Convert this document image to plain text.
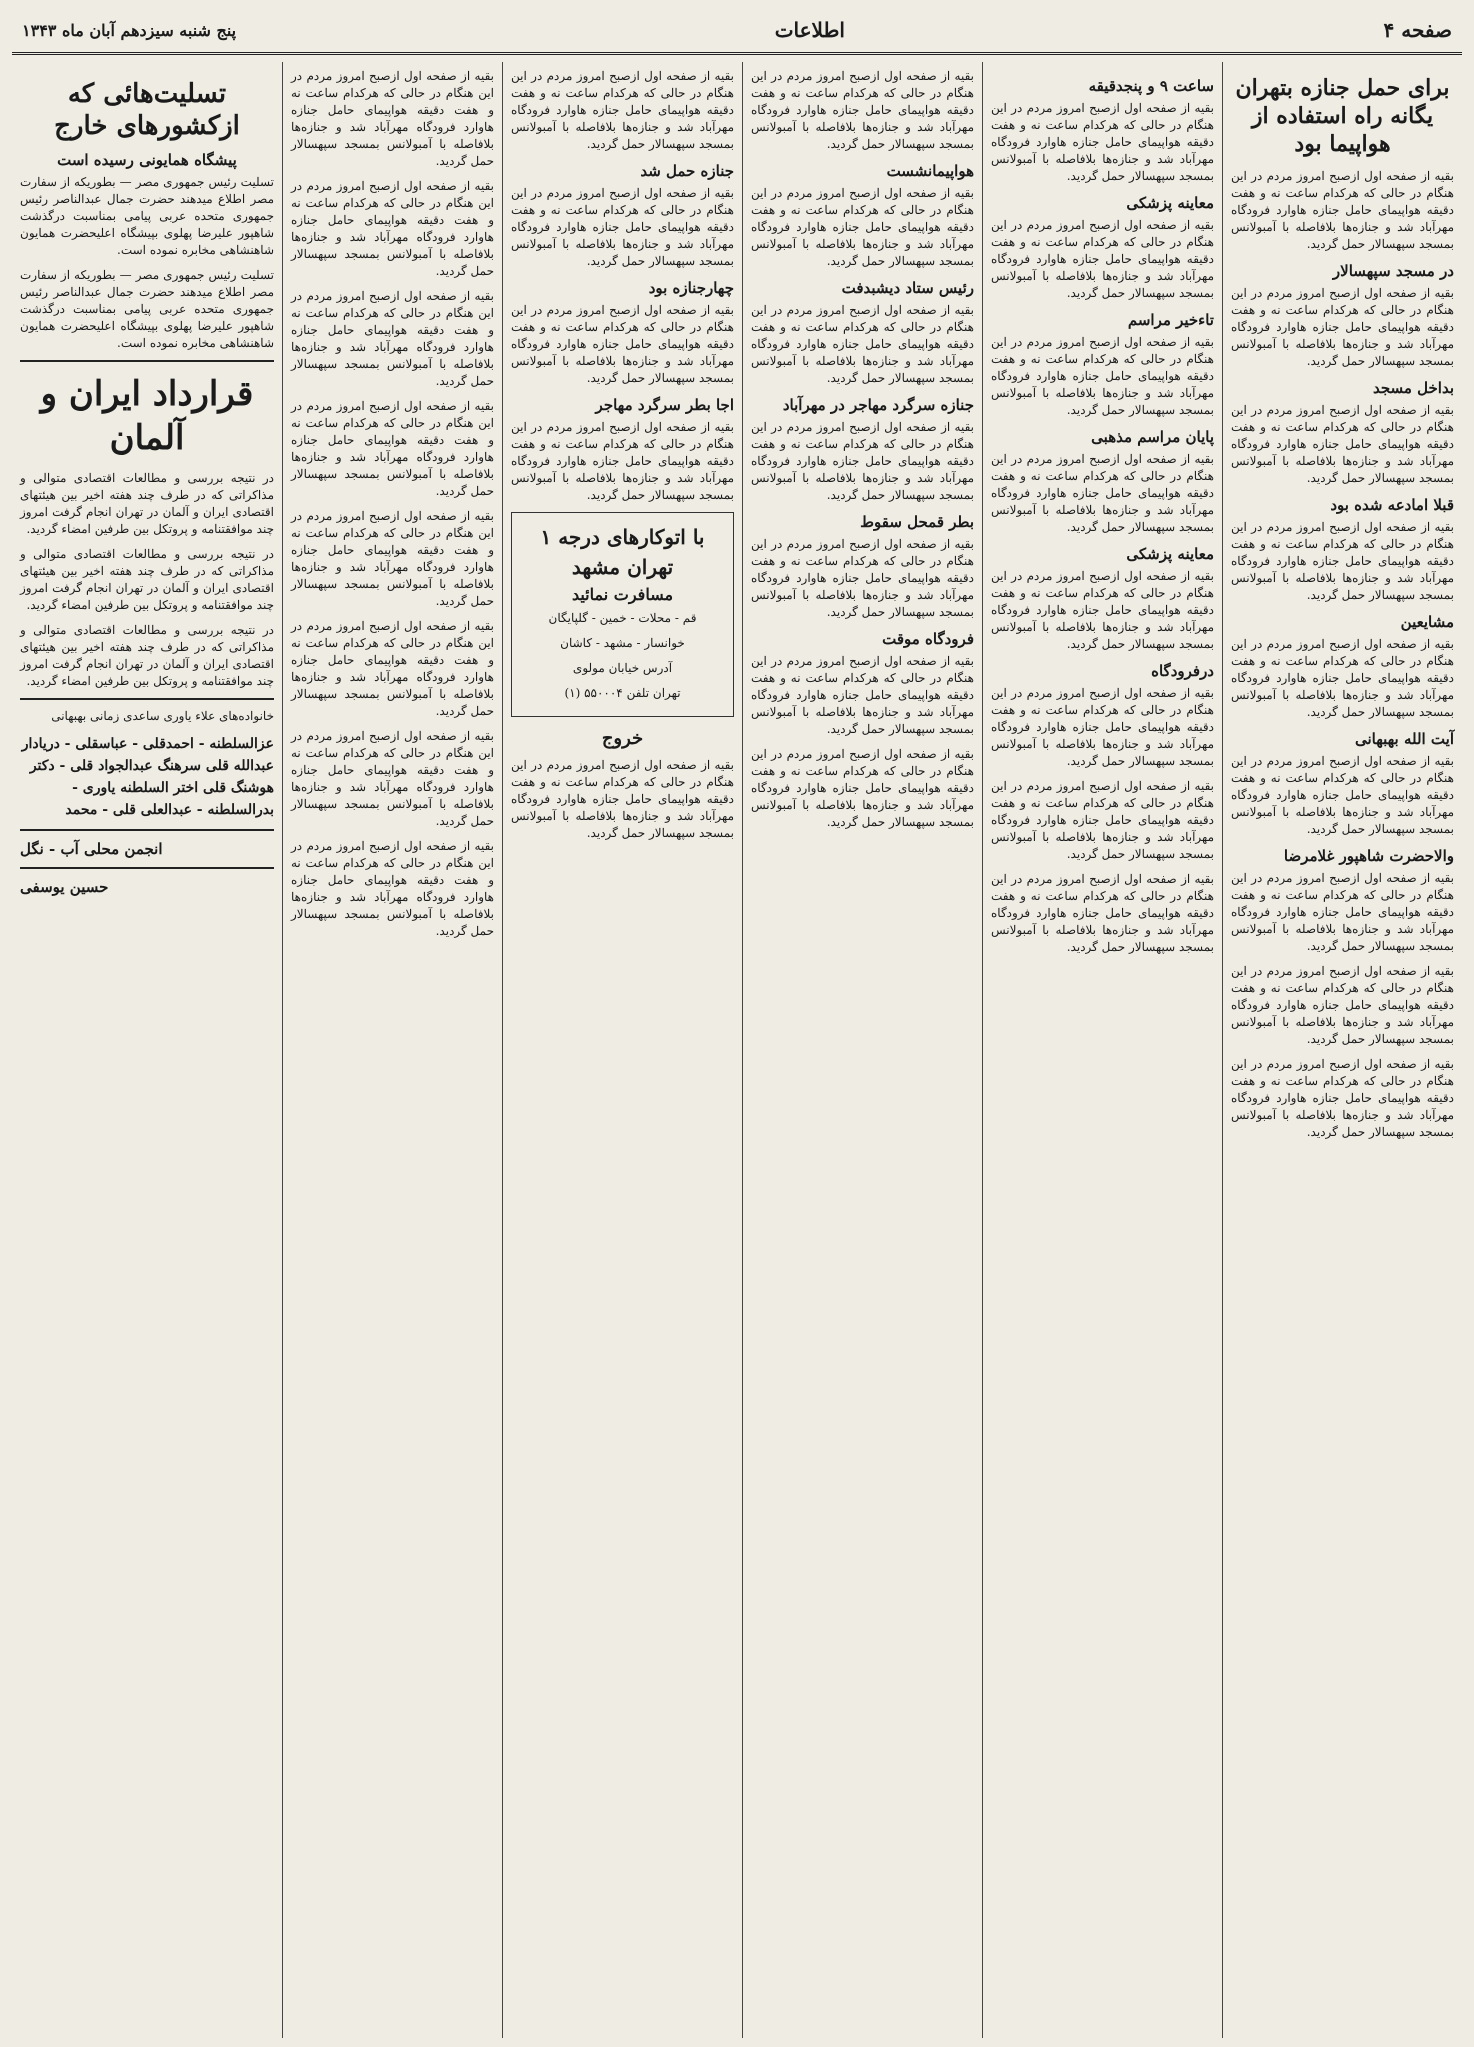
صفحه ۴
اطلاعات
پنج شنبه سیزدهم آبان ماه ۱۳۴۳
برای حمل جنازه بتهران یگانه راه استفاده از هواپیما بود

بقیه از صفحه اول ازصبح امروز مردم در این هنگام در حالی که هرکدام ساعت نه و هفت دقیقه هواپیمای حامل جنازه هاوارد فرودگاه مهرآباد شد و جنازه‌ها بلافاصله با آمبولانس بمسجد سپهسالار حمل گردید.

در مسجد سپهسالار

بقیه از صفحه اول ازصبح امروز مردم در این هنگام در حالی که هرکدام ساعت نه و هفت دقیقه هواپیمای حامل جنازه هاوارد فرودگاه مهرآباد شد و جنازه‌ها بلافاصله با آمبولانس بمسجد سپهسالار حمل گردید.

بداخل مسجد

بقیه از صفحه اول ازصبح امروز مردم در این هنگام در حالی که هرکدام ساعت نه و هفت دقیقه هواپیمای حامل جنازه هاوارد فرودگاه مهرآباد شد و جنازه‌ها بلافاصله با آمبولانس بمسجد سپهسالار حمل گردید.

قبلا امادعه شده بود

بقیه از صفحه اول ازصبح امروز مردم در این هنگام در حالی که هرکدام ساعت نه و هفت دقیقه هواپیمای حامل جنازه هاوارد فرودگاه مهرآباد شد و جنازه‌ها بلافاصله با آمبولانس بمسجد سپهسالار حمل گردید.

مشایعین

بقیه از صفحه اول ازصبح امروز مردم در این هنگام در حالی که هرکدام ساعت نه و هفت دقیقه هواپیمای حامل جنازه هاوارد فرودگاه مهرآباد شد و جنازه‌ها بلافاصله با آمبولانس بمسجد سپهسالار حمل گردید.

آیت الله بهبهانی

بقیه از صفحه اول ازصبح امروز مردم در این هنگام در حالی که هرکدام ساعت نه و هفت دقیقه هواپیمای حامل جنازه هاوارد فرودگاه مهرآباد شد و جنازه‌ها بلافاصله با آمبولانس بمسجد سپهسالار حمل گردید.

والاحضرت شاهپور غلامرضا

بقیه از صفحه اول ازصبح امروز مردم در این هنگام در حالی که هرکدام ساعت نه و هفت دقیقه هواپیمای حامل جنازه هاوارد فرودگاه مهرآباد شد و جنازه‌ها بلافاصله با آمبولانس بمسجد سپهسالار حمل گردید.

بقیه از صفحه اول ازصبح امروز مردم در این هنگام در حالی که هرکدام ساعت نه و هفت دقیقه هواپیمای حامل جنازه هاوارد فرودگاه مهرآباد شد و جنازه‌ها بلافاصله با آمبولانس بمسجد سپهسالار حمل گردید.

بقیه از صفحه اول ازصبح امروز مردم در این هنگام در حالی که هرکدام ساعت نه و هفت دقیقه هواپیمای حامل جنازه هاوارد فرودگاه مهرآباد شد و جنازه‌ها بلافاصله با آمبولانس بمسجد سپهسالار حمل گردید.

ساعت ۹ و پنجدقیقه

بقیه از صفحه اول ازصبح امروز مردم در این هنگام در حالی که هرکدام ساعت نه و هفت دقیقه هواپیمای حامل جنازه هاوارد فرودگاه مهرآباد شد و جنازه‌ها بلافاصله با آمبولانس بمسجد سپهسالار حمل گردید.

معاینه پزشکی

بقیه از صفحه اول ازصبح امروز مردم در این هنگام در حالی که هرکدام ساعت نه و هفت دقیقه هواپیمای حامل جنازه هاوارد فرودگاه مهرآباد شد و جنازه‌ها بلافاصله با آمبولانس بمسجد سپهسالار حمل گردید.

تاءخیر مراسم

بقیه از صفحه اول ازصبح امروز مردم در این هنگام در حالی که هرکدام ساعت نه و هفت دقیقه هواپیمای حامل جنازه هاوارد فرودگاه مهرآباد شد و جنازه‌ها بلافاصله با آمبولانس بمسجد سپهسالار حمل گردید.

پایان مراسم مذهبی

بقیه از صفحه اول ازصبح امروز مردم در این هنگام در حالی که هرکدام ساعت نه و هفت دقیقه هواپیمای حامل جنازه هاوارد فرودگاه مهرآباد شد و جنازه‌ها بلافاصله با آمبولانس بمسجد سپهسالار حمل گردید.

معاینه پزشکی

بقیه از صفحه اول ازصبح امروز مردم در این هنگام در حالی که هرکدام ساعت نه و هفت دقیقه هواپیمای حامل جنازه هاوارد فرودگاه مهرآباد شد و جنازه‌ها بلافاصله با آمبولانس بمسجد سپهسالار حمل گردید.

درفرودگاه

بقیه از صفحه اول ازصبح امروز مردم در این هنگام در حالی که هرکدام ساعت نه و هفت دقیقه هواپیمای حامل جنازه هاوارد فرودگاه مهرآباد شد و جنازه‌ها بلافاصله با آمبولانس بمسجد سپهسالار حمل گردید.

بقیه از صفحه اول ازصبح امروز مردم در این هنگام در حالی که هرکدام ساعت نه و هفت دقیقه هواپیمای حامل جنازه هاوارد فرودگاه مهرآباد شد و جنازه‌ها بلافاصله با آمبولانس بمسجد سپهسالار حمل گردید.

بقیه از صفحه اول ازصبح امروز مردم در این هنگام در حالی که هرکدام ساعت نه و هفت دقیقه هواپیمای حامل جنازه هاوارد فرودگاه مهرآباد شد و جنازه‌ها بلافاصله با آمبولانس بمسجد سپهسالار حمل گردید.

بقیه از صفحه اول ازصبح امروز مردم در این هنگام در حالی که هرکدام ساعت نه و هفت دقیقه هواپیمای حامل جنازه هاوارد فرودگاه مهرآباد شد و جنازه‌ها بلافاصله با آمبولانس بمسجد سپهسالار حمل گردید.

هواپیمانشست

بقیه از صفحه اول ازصبح امروز مردم در این هنگام در حالی که هرکدام ساعت نه و هفت دقیقه هواپیمای حامل جنازه هاوارد فرودگاه مهرآباد شد و جنازه‌ها بلافاصله با آمبولانس بمسجد سپهسالار حمل گردید.

رئیس ستاد دیشبدفت

بقیه از صفحه اول ازصبح امروز مردم در این هنگام در حالی که هرکدام ساعت نه و هفت دقیقه هواپیمای حامل جنازه هاوارد فرودگاه مهرآباد شد و جنازه‌ها بلافاصله با آمبولانس بمسجد سپهسالار حمل گردید.

جنازه سرگرد مهاجر در مهرآباد

بقیه از صفحه اول ازصبح امروز مردم در این هنگام در حالی که هرکدام ساعت نه و هفت دقیقه هواپیمای حامل جنازه هاوارد فرودگاه مهرآباد شد و جنازه‌ها بلافاصله با آمبولانس بمسجد سپهسالار حمل گردید.

بطر قمحل سقوط

بقیه از صفحه اول ازصبح امروز مردم در این هنگام در حالی که هرکدام ساعت نه و هفت دقیقه هواپیمای حامل جنازه هاوارد فرودگاه مهرآباد شد و جنازه‌ها بلافاصله با آمبولانس بمسجد سپهسالار حمل گردید.

فرودگاه موقت

بقیه از صفحه اول ازصبح امروز مردم در این هنگام در حالی که هرکدام ساعت نه و هفت دقیقه هواپیمای حامل جنازه هاوارد فرودگاه مهرآباد شد و جنازه‌ها بلافاصله با آمبولانس بمسجد سپهسالار حمل گردید.

بقیه از صفحه اول ازصبح امروز مردم در این هنگام در حالی که هرکدام ساعت نه و هفت دقیقه هواپیمای حامل جنازه هاوارد فرودگاه مهرآباد شد و جنازه‌ها بلافاصله با آمبولانس بمسجد سپهسالار حمل گردید.

بقیه از صفحه اول ازصبح امروز مردم در این هنگام در حالی که هرکدام ساعت نه و هفت دقیقه هواپیمای حامل جنازه هاوارد فرودگاه مهرآباد شد و جنازه‌ها بلافاصله با آمبولانس بمسجد سپهسالار حمل گردید.

جنازه حمل شد

بقیه از صفحه اول ازصبح امروز مردم در این هنگام در حالی که هرکدام ساعت نه و هفت دقیقه هواپیمای حامل جنازه هاوارد فرودگاه مهرآباد شد و جنازه‌ها بلافاصله با آمبولانس بمسجد سپهسالار حمل گردید.

چهارجنازه بود

بقیه از صفحه اول ازصبح امروز مردم در این هنگام در حالی که هرکدام ساعت نه و هفت دقیقه هواپیمای حامل جنازه هاوارد فرودگاه مهرآباد شد و جنازه‌ها بلافاصله با آمبولانس بمسجد سپهسالار حمل گردید.

اجا بطر سرگرد مهاجر

بقیه از صفحه اول ازصبح امروز مردم در این هنگام در حالی که هرکدام ساعت نه و هفت دقیقه هواپیمای حامل جنازه هاوارد فرودگاه مهرآباد شد و جنازه‌ها بلافاصله با آمبولانس بمسجد سپهسالار حمل گردید.

با اتوکارهای درجه ۱
تهران مشهد
مسافرت نمائید

قم - محلات - خمین - گلپایگان

خوانسار - مشهد - کاشان

آدرس خیابان مولوی

تهران تلفن ۵۵۰۰۰۴ (۱)

خروج

بقیه از صفحه اول ازصبح امروز مردم در این هنگام در حالی که هرکدام ساعت نه و هفت دقیقه هواپیمای حامل جنازه هاوارد فرودگاه مهرآباد شد و جنازه‌ها بلافاصله با آمبولانس بمسجد سپهسالار حمل گردید.

بقیه از صفحه اول ازصبح امروز مردم در این هنگام در حالی که هرکدام ساعت نه و هفت دقیقه هواپیمای حامل جنازه هاوارد فرودگاه مهرآباد شد و جنازه‌ها بلافاصله با آمبولانس بمسجد سپهسالار حمل گردید.

بقیه از صفحه اول ازصبح امروز مردم در این هنگام در حالی که هرکدام ساعت نه و هفت دقیقه هواپیمای حامل جنازه هاوارد فرودگاه مهرآباد شد و جنازه‌ها بلافاصله با آمبولانس بمسجد سپهسالار حمل گردید.

بقیه از صفحه اول ازصبح امروز مردم در این هنگام در حالی که هرکدام ساعت نه و هفت دقیقه هواپیمای حامل جنازه هاوارد فرودگاه مهرآباد شد و جنازه‌ها بلافاصله با آمبولانس بمسجد سپهسالار حمل گردید.

بقیه از صفحه اول ازصبح امروز مردم در این هنگام در حالی که هرکدام ساعت نه و هفت دقیقه هواپیمای حامل جنازه هاوارد فرودگاه مهرآباد شد و جنازه‌ها بلافاصله با آمبولانس بمسجد سپهسالار حمل گردید.

بقیه از صفحه اول ازصبح امروز مردم در این هنگام در حالی که هرکدام ساعت نه و هفت دقیقه هواپیمای حامل جنازه هاوارد فرودگاه مهرآباد شد و جنازه‌ها بلافاصله با آمبولانس بمسجد سپهسالار حمل گردید.

بقیه از صفحه اول ازصبح امروز مردم در این هنگام در حالی که هرکدام ساعت نه و هفت دقیقه هواپیمای حامل جنازه هاوارد فرودگاه مهرآباد شد و جنازه‌ها بلافاصله با آمبولانس بمسجد سپهسالار حمل گردید.

بقیه از صفحه اول ازصبح امروز مردم در این هنگام در حالی که هرکدام ساعت نه و هفت دقیقه هواپیمای حامل جنازه هاوارد فرودگاه مهرآباد شد و جنازه‌ها بلافاصله با آمبولانس بمسجد سپهسالار حمل گردید.

بقیه از صفحه اول ازصبح امروز مردم در این هنگام در حالی که هرکدام ساعت نه و هفت دقیقه هواپیمای حامل جنازه هاوارد فرودگاه مهرآباد شد و جنازه‌ها بلافاصله با آمبولانس بمسجد سپهسالار حمل گردید.

تسلیت‌هائی که ازکشورهای خارج
پیشگاه همایونی رسیده است

تسلیت رئیس جمهوری مصر — بطوریکه از سفارت مصر اطلاع میدهند حضرت جمال عبدالناصر رئیس جمهوری متحده عربی پیامی بمناسبت درگذشت شاهپور علیرضا پهلوی بپیشگاه اعلیحضرت همایون شاهنشاهی مخابره نموده است.

تسلیت رئیس جمهوری مصر — بطوریکه از سفارت مصر اطلاع میدهند حضرت جمال عبدالناصر رئیس جمهوری متحده عربی پیامی بمناسبت درگذشت شاهپور علیرضا پهلوی بپیشگاه اعلیحضرت همایون شاهنشاهی مخابره نموده است.

قرارداد ایران و آلمان

در نتیجه بررسی و مطالعات اقتصادی متوالی و مذاکراتی که در طرف چند هفته اخیر بین هیئتهای اقتصادی ایران و آلمان در تهران انجام گرفت امروز چند موافقتنامه و پروتکل بین طرفین امضاء گردید.

در نتیجه بررسی و مطالعات اقتصادی متوالی و مذاکراتی که در طرف چند هفته اخیر بین هیئتهای اقتصادی ایران و آلمان در تهران انجام گرفت امروز چند موافقتنامه و پروتکل بین طرفین امضاء گردید.

در نتیجه بررسی و مطالعات اقتصادی متوالی و مذاکراتی که در طرف چند هفته اخیر بین هیئتهای اقتصادی ایران و آلمان در تهران انجام گرفت امروز چند موافقتنامه و پروتکل بین طرفین امضاء گردید.

خانواده‌های علاء یاوری ساعدی زمانی بهبهانی

عزالسلطنه - احمدقلی - عباسقلی - دریادار عبدالله قلی سرهنگ عبدالجواد قلی - دکتر هوشنگ قلی اختر السلطنه یاوری - بدرالسلطنه - عبدالعلی قلی - محمد
انجمن محلی آب - نگل
حسین یوسفی
